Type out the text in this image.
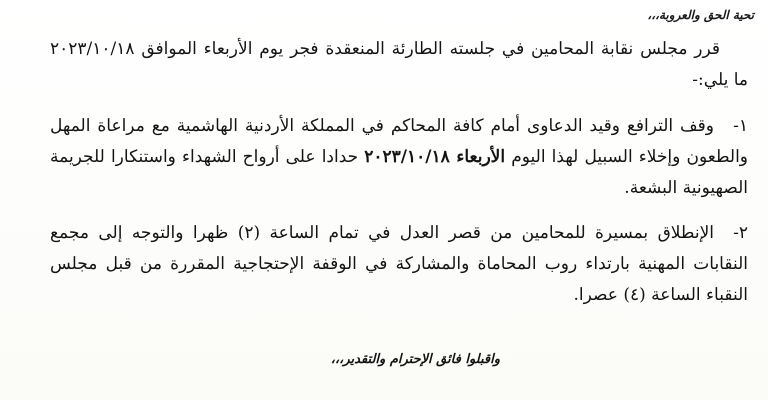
تحية الحق والعروبة،،،
قرر مجلس نقابة المحامين في جلسته الطارئة المنعقدة فجر يوم الأربعاء الموافق ٢٠٢٣/١٠/١٨ ما يلي:-
١-وقف الترافع وقيد الدعاوى أمام كافة المحاكم في المملكة الأردنية الهاشمية مع مراعاة المهل والطعون وإخلاء السبيل لهذا اليوم الأربعاء ٢٠٢٣/١٠/١٨ حدادا على أرواح الشهداء واستنكارا للجريمة الصهيونية البشعة.
٢-الإنطلاق بمسيرة للمحامين من قصر العدل في تمام الساعة (٢) ظهرا والتوجه إلى مجمع النقابات المهنية بارتداء روب المحاماة والمشاركة في الوقفة الإحتجاجية المقررة من قبل مجلس النقباء الساعة (٤) عصرا.
واقبلوا فائق الإحترام والتقدير،،،
